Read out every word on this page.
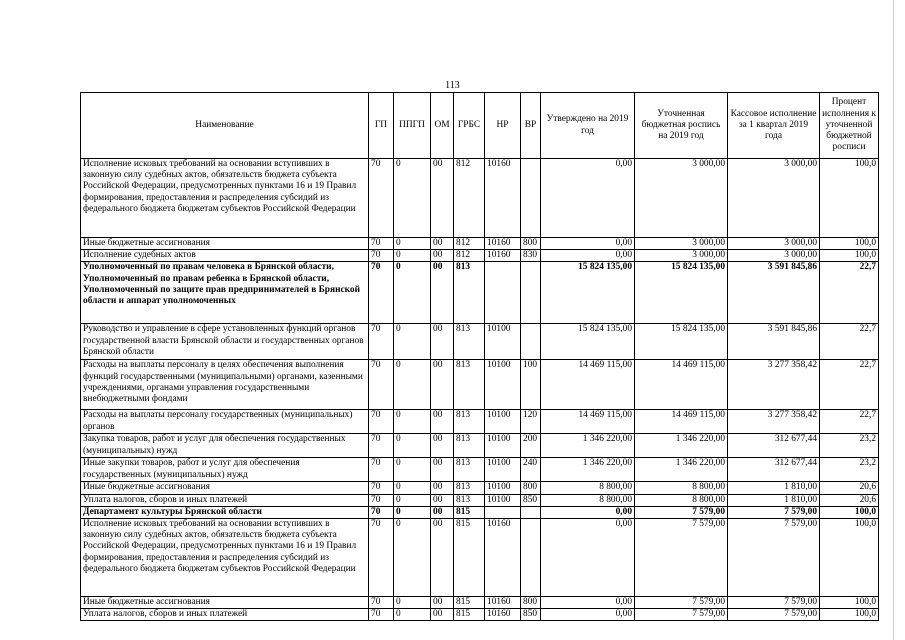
113
Наименование	ГП	ППГП	ОМ	ГРБС	НР	ВР	Утверждено на 2019 год	Уточненная бюджетная роспись на 2019 год	Кассовое исполнение за 1 квартал 2019 года	Процент исполнения к уточненной бюджетной росписи
Исполнение исковых требований на основании вступивших в законную силу судебных актов, обязательств бюджета субъекта Российской Федерации, предусмотренных пунктами 16 и 19 Правил формирования, предоставления и распределения субсидий из федерального бюджета бюджетам субъектов Российской Федерации	70	0	00	812	10160		0,00	3 000,00	3 000,00	100,0
Иные бюджетные ассигнования	70	0	00	812	10160	800	0,00	3 000,00	3 000,00	100,0
Исполнение судебных актов	70	0	00	812	10160	830	0,00	3 000,00	3 000,00	100,0
Уполномоченный по правам человека в Брянской области, Уполномоченный по правам ребенка в Брянской области, Уполномоченный по защите прав предпринимателей в Брянской области и аппарат уполномоченных	70	0	00	813			15 824 135,00	15 824 135,00	3 591 845,86	22,7
Руководство и управление в сфере установленных функций органов государственной власти Брянской области и государственных органов Брянской области	70	0	00	813	10100		15 824 135,00	15 824 135,00	3 591 845,86	22,7
Расходы на выплаты персоналу в целях обеспечения выполнения функций государственными (муниципальными) органами, казенными учреждениями, органами управления государственными внебюджетными фондами	70	0	00	813	10100	100	14 469 115,00	14 469 115,00	3 277 358,42	22,7
Расходы на выплаты персоналу государственных (муниципальных) органов	70	0	00	813	10100	120	14 469 115,00	14 469 115,00	3 277 358,42	22,7
Закупка товаров, работ и услуг для обеспечения государственных (муниципальных) нужд	70	0	00	813	10100	200	1 346 220,00	1 346 220,00	312 677,44	23,2
Иные закупки товаров, работ и услуг для обеспечения государственных (муниципальных) нужд	70	0	00	813	10100	240	1 346 220,00	1 346 220,00	312 677,44	23,2
Иные бюджетные ассигнования	70	0	00	813	10100	800	8 800,00	8 800,00	1 810,00	20,6
Уплата налогов, сборов и иных платежей	70	0	00	813	10100	850	8 800,00	8 800,00	1 810,00	20,6
Департамент культуры Брянской области	70	0	00	815			0,00	7 579,00	7 579,00	100,0
Исполнение исковых требований на основании вступивших в законную силу судебных актов, обязательств бюджета субъекта Российской Федерации, предусмотренных пунктами 16 и 19 Правил формирования, предоставления и распределения субсидий из федерального бюджета бюджетам субъектов Российской Федерации	70	0	00	815	10160		0,00	7 579,00	7 579,00	100,0
Иные бюджетные ассигнования	70	0	00	815	10160	800	0,00	7 579,00	7 579,00	100,0
Уплата налогов, сборов и иных платежей	70	0	00	815	10160	850	0,00	7 579,00	7 579,00	100,0
